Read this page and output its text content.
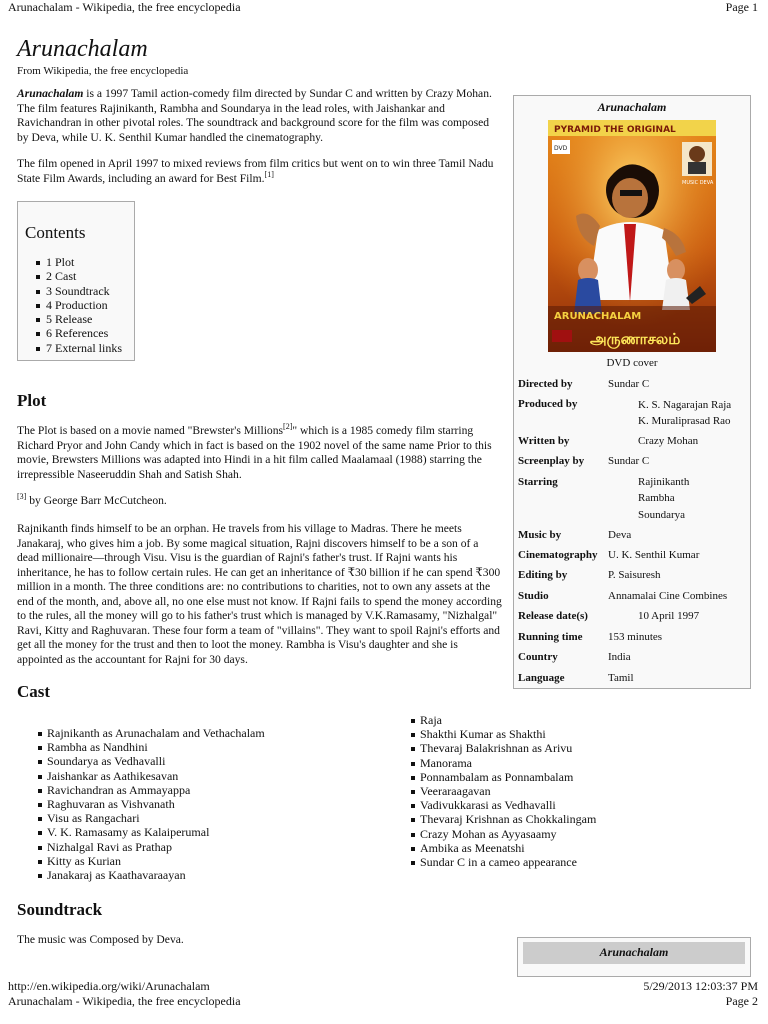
Arunachalam - Wikipedia, the free encyclopedia	Page 1
Arunachalam
From Wikipedia, the free encyclopedia
Arunachalam is a 1997 Tamil action-comedy film directed by Sundar C and written by Crazy Mohan. The film features Rajinikanth, Rambha and Soundarya in the lead roles, with Jaishankar and Ravichandran in other pivotal roles. The soundtrack and background score for the film was composed by Deva, while U. K. Senthil Kumar handled the cinematography.
The film opened in April 1997 to mixed reviews from film critics but went on to win three Tamil Nadu State Film Awards, including an award for Best Film.[1]
Contents
1 Plot
2 Cast
3 Soundtrack
4 Production
5 Release
6 References
7 External links
Plot
The Plot is based on a movie named "Brewster's Millions[2]" which is a 1985 comedy film starring Richard Pryor and John Candy which in fact is based on the 1902 novel of the same name Prior to this movie, Brewsters Millions was adapted into Hindi in a hit film called Maalamaal (1988) starring the irrepressible Naseeruddin Shah and Satish Shah.
[3] by George Barr McCutcheon.
Rajnikanth finds himself to be an orphan. He travels from his village to Madras. There he meets Janakaraj, who gives him a job. By some magical situation, Rajni discovers himself to be a son of a dead millionaire—through Visu. Visu is the guardian of Rajni's father's trust. If Rajni wants his inheritance, he has to follow certain rules. He can get an inheritance of ₹30 billion if he can spend ₹300 million in a month. The three conditions are: no contributions to charities, not to own any assets at the end of the month, and, above all, no one else must not know. If Rajni fails to spend the money according to the rules, all the money will go to his father's trust which is managed by V.K.Ramasamy, "Nizhalgal" Ravi, Kitty and Raghuvaran. These four form a team of "villains". They want to spoil Rajni's efforts and get all the money for the trust and then to loot the money. Rambha is Visu's daughter and she is appointed as the accountant for Rajni for 30 days.
Cast
Rajnikanth as Arunachalam and Vethachalam
Rambha as Nandhini
Soundarya as Vedhavalli
Jaishankar as Aathikesavan
Ravichandran as Ammayappa
Raghuvaran as Vishvanath
Visu as Rangachari
V. K. Ramasamy as Kalaiperumal
Nizhalgal Ravi as Prathap
Kitty as Kurian
Janakaraj as Kaathavaraayan
Raja
Shakthi Kumar as Shakthi
Thevaraj Balakrishnan as Arivu
Manorama
Ponnambalam as Ponnambalam
Veeraraagavan
Vadivukkarasi as Vedhavalli
Thevaraj Krishnan as Chokkalingam
Crazy Mohan as Ayyasaamy
Ambika as Meenatshi
Sundar C in a cameo appearance
Soundtrack
The music was Composed by Deva.
Arunachalam
PYRAMID THE ORIGINAL
DVD
MUSIC DEVA
ARUNACHALAM
அருணாசலம்
DVD cover
Directed by	Sundar C
Produced by	K. S. Nagarajan Raja
K. Muraliprasad Rao
Written by	Crazy Mohan
Screenplay by Sundar C
Starring	Rajinikanth
Rambha
Soundarya
Music by	Deva
Cinematography U. K. Senthil Kumar
Editing by	P. Saisuresh
Studio	Annamalai Cine Combines
Release date(s)	10 April 1997
Running time 153 minutes
Country	India
Language	Tamil
Arunachalam
http://en.wikipedia.org/wiki/Arunachalam	5/29/2013 12:03:37 PM
Arunachalam - Wikipedia, the free encyclopedia	Page 2
